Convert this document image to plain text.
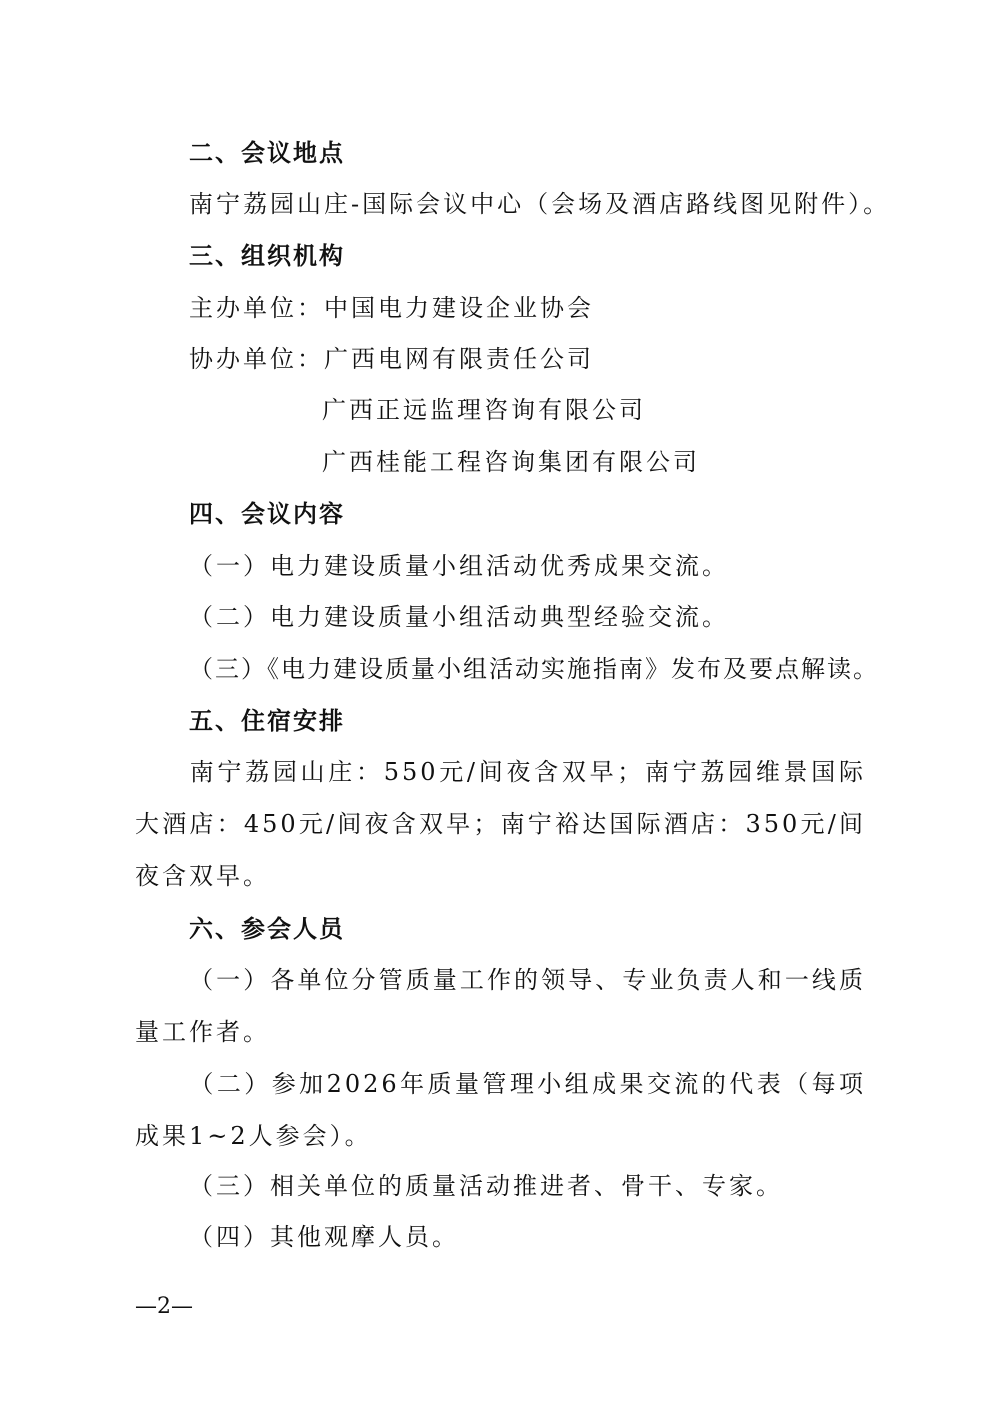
二、会议地点
南宁荔园山庄-国际会议中心（会场及酒店路线图见附件）。
三、组织机构
主办单位：中国电力建设企业协会
协办单位：广西电网有限责任公司
广西正远监理咨询有限公司
广西桂能工程咨询集团有限公司
四、会议内容
（一）电力建设质量小组活动优秀成果交流。
（二）电力建设质量小组活动典型经验交流。
（三）《电力建设质量小组活动实施指南》发布及要点解读。
五、住宿安排
南宁荔园山庄：550元/间夜含双早；南宁荔园维景国际大酒店：450元/间夜含双早；南宁裕达国际酒店：350元/间夜含双早。
六、参会人员
（一）各单位分管质量工作的领导、专业负责人和一线质量工作者。
（二）参加2026年质量管理小组成果交流的代表（每项成果1~2人参会）。
（三）相关单位的质量活动推进者、骨干、专家。
（四）其他观摩人员。
—2—
